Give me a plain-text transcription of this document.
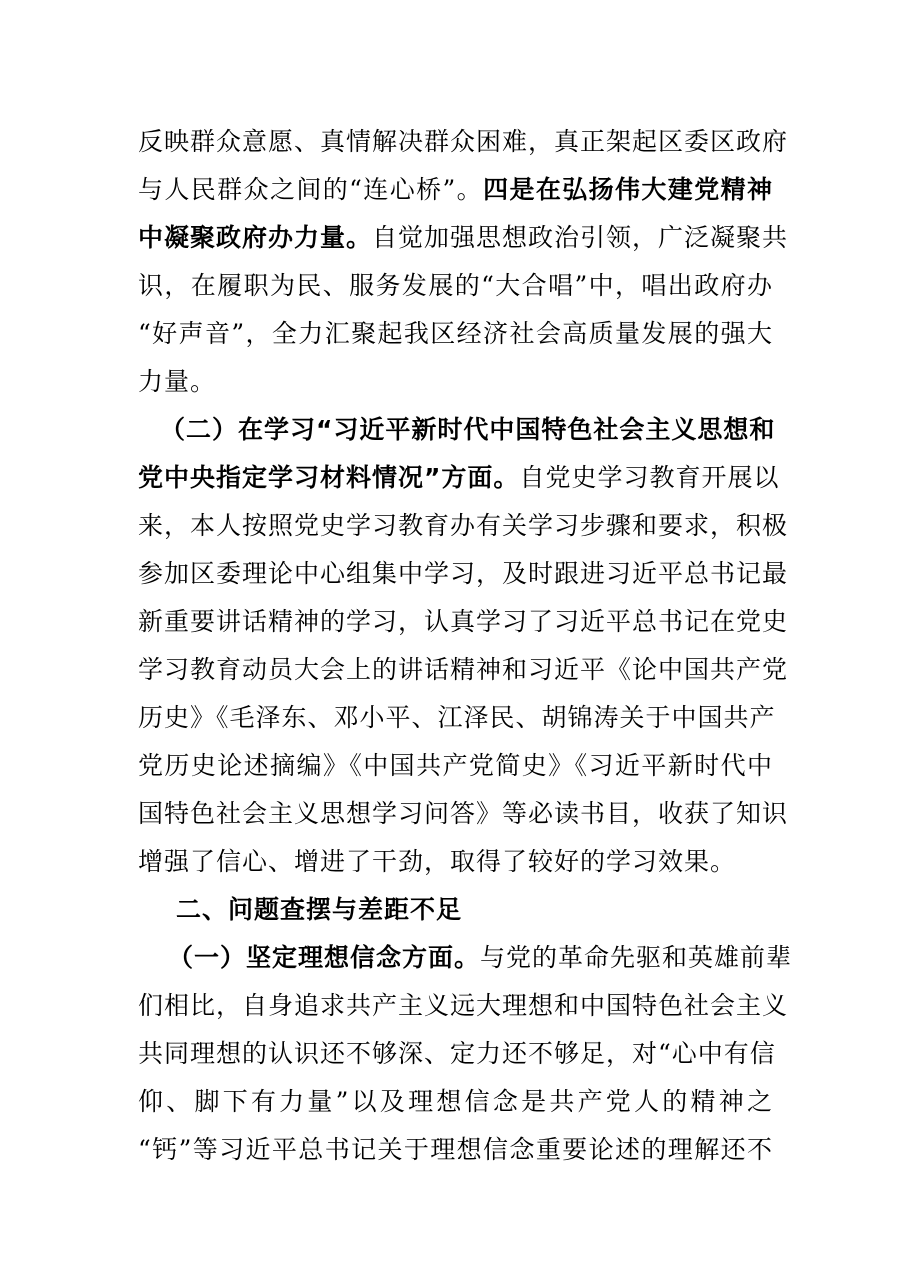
反映群众意愿、真情解决群众困难，真正架起区委区政府
与人民群众之间的“连心桥”。四是在弘扬伟大建党精神
中凝聚政府办力量。自觉加强思想政治引领，广泛凝聚共
识，在履职为民、服务发展的“大合唱”中，唱出政府办
“好声音”，全力汇聚起我区经济社会高质量发展的强大
力量。
（二）在学习“习近平新时代中国特色社会主义思想和
党中央指定学习材料情况”方面。自党史学习教育开展以
来，本人按照党史学习教育办有关学习步骤和要求，积极
参加区委理论中心组集中学习，及时跟进习近平总书记最
新重要讲话精神的学习，认真学习了习近平总书记在党史
学习教育动员大会上的讲话精神和习近平《论中国共产党
历史》《毛泽东、邓小平、江泽民、胡锦涛关于中国共产
党历史论述摘编》《中国共产党简史》《习近平新时代中
国特色社会主义思想学习问答》等必读书目，收获了知识
增强了信心、增进了干劲，取得了较好的学习效果。
二、问题查摆与差距不足
（一）坚定理想信念方面。与党的革命先驱和英雄前辈
们相比，自身追求共产主义远大理想和中国特色社会主义
共同理想的认识还不够深、定力还不够足，对“心中有信
仰、脚下有力量”以及理想信念是共产党人的精神之
“钙”等习近平总书记关于理想信念重要论述的理解还不
